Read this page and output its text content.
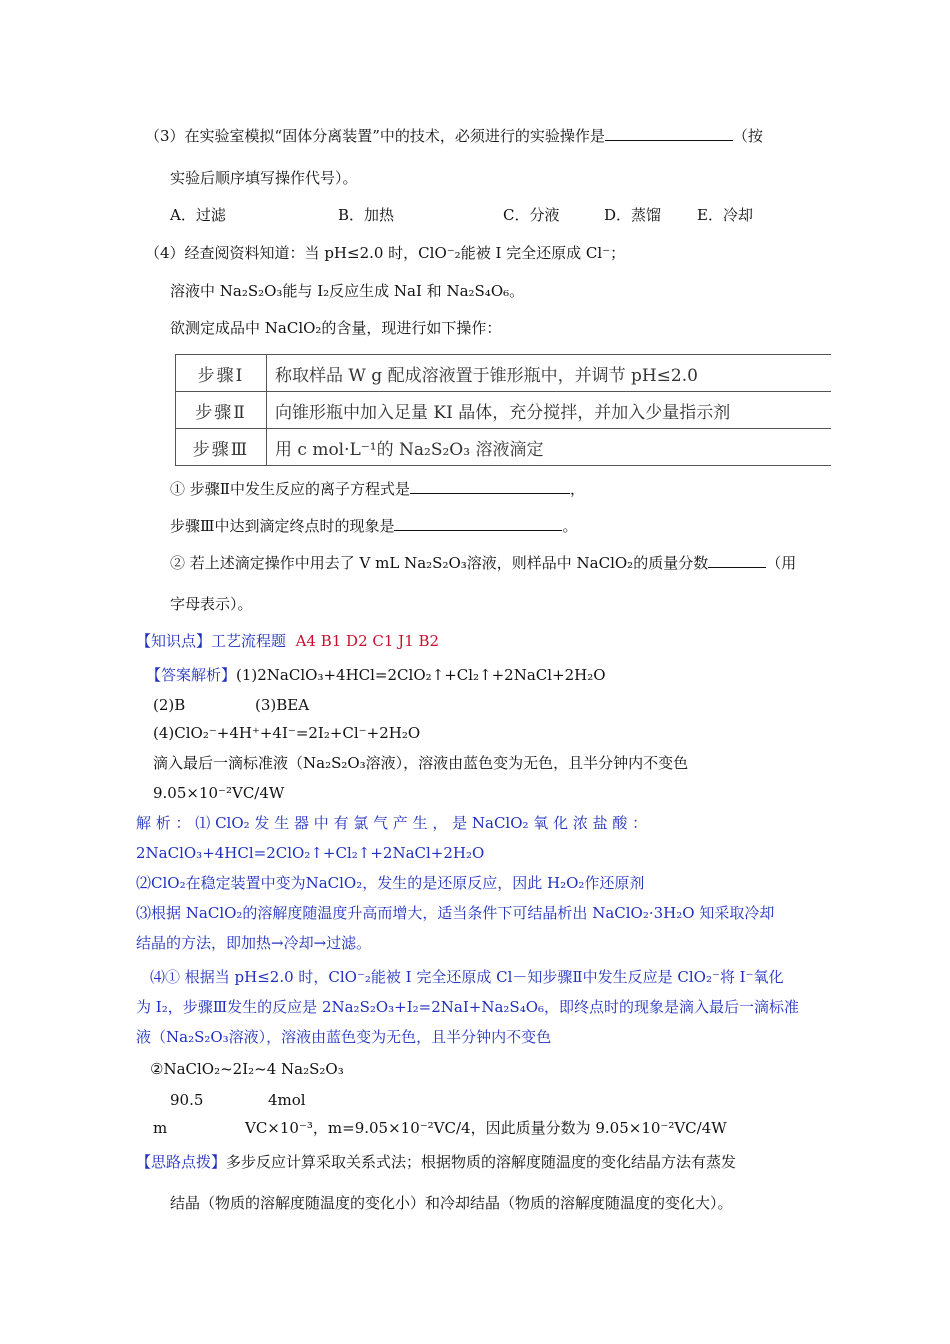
（3）在实验室模拟“固体分离装置”中的技术，必须进行的实验操作是	（按
实验后顺序填写操作代号）。
A．过滤	B．加热	C．分液	D．蒸馏 E．冷却
（4）经查阅资料知道：当 pH≤2.0 时，ClO⁻₂能被 I 完全还原成 Cl⁻；
溶液中 Na₂S₂O₃能与 I₂反应生成 NaI 和 Na₂S₄O₆。
欲测定成品中 NaClO₂的含量，现进行如下操作：
步骤Ⅰ	称取样品 W g 配成溶液置于锥形瓶中，并调节 pH≤2.0
步骤Ⅱ	向锥形瓶中加入足量 KI 晶体，充分搅拌，并加入少量指示剂
步骤Ⅲ	用 c mol·L⁻¹的 Na₂S₂O₃ 溶液滴定
① 步骤Ⅱ中发生反应的离子方程式是	，
步骤Ⅲ中达到滴定终点时的现象是	。
② 若上述滴定操作中用去了 V mL Na₂S₂O₃溶液，则样品中 NaClO₂的质量分数	（用
字母表示）。
【知识点】工艺流程题 A4 B1 D2 C1 J1 B2
【答案解析】(1)2NaClO₃+4HCl=2ClO₂↑+Cl₂↑+2NaCl+2H₂O
(2)B	(3)BEA
(4)ClO₂⁻+4H⁺+4I⁻=2I₂+Cl⁻+2H₂O
滴入最后一滴标准液（Na₂S₂O₃溶液），溶液由蓝色变为无色，且半分钟内不变色
9.05×10⁻²VC/4W
解 析 ： ⑴ ClO₂ 发 生 器 中 有 氯 气 产 生 ， 是 NaClO₂ 氧 化 浓 盐 酸 ：
2NaClO₃+4HCl=2ClO₂↑+Cl₂↑+2NaCl+2H₂O
⑵ClO₂在稳定装置中变为NaClO₂，发生的是还原反应，因此 H₂O₂作还原剂
⑶根据 NaClO₂的溶解度随温度升高而增大，适当条件下可结晶析出 NaClO₂·3H₂O 知采取冷却
结晶的方法，即加热→冷却→过滤。
⑷① 根据当 pH≤2.0 时，ClO⁻₂能被 I 完全还原成 Cl－知步骤Ⅱ中发生反应是 ClO₂⁻将 I⁻氧化
为 I₂，步骤Ⅲ发生的反应是 2Na₂S₂O₃+I₂=2NaI+Na₂S₄O₆，即终点时的现象是滴入最后一滴标准
液（Na₂S₂O₃溶液），溶液由蓝色变为无色，且半分钟内不变色
②NaClO₂~2I₂~4 Na₂S₂O₃
90.5	4mol
m	VC×10⁻³，m=9.05×10⁻²VC/4，因此质量分数为 9.05×10⁻²VC/4W
【思路点拨】多步反应计算采取关系式法；根据物质的溶解度随温度的变化结晶方法有蒸发
结晶（物质的溶解度随温度的变化小）和冷却结晶（物质的溶解度随温度的变化大）。
